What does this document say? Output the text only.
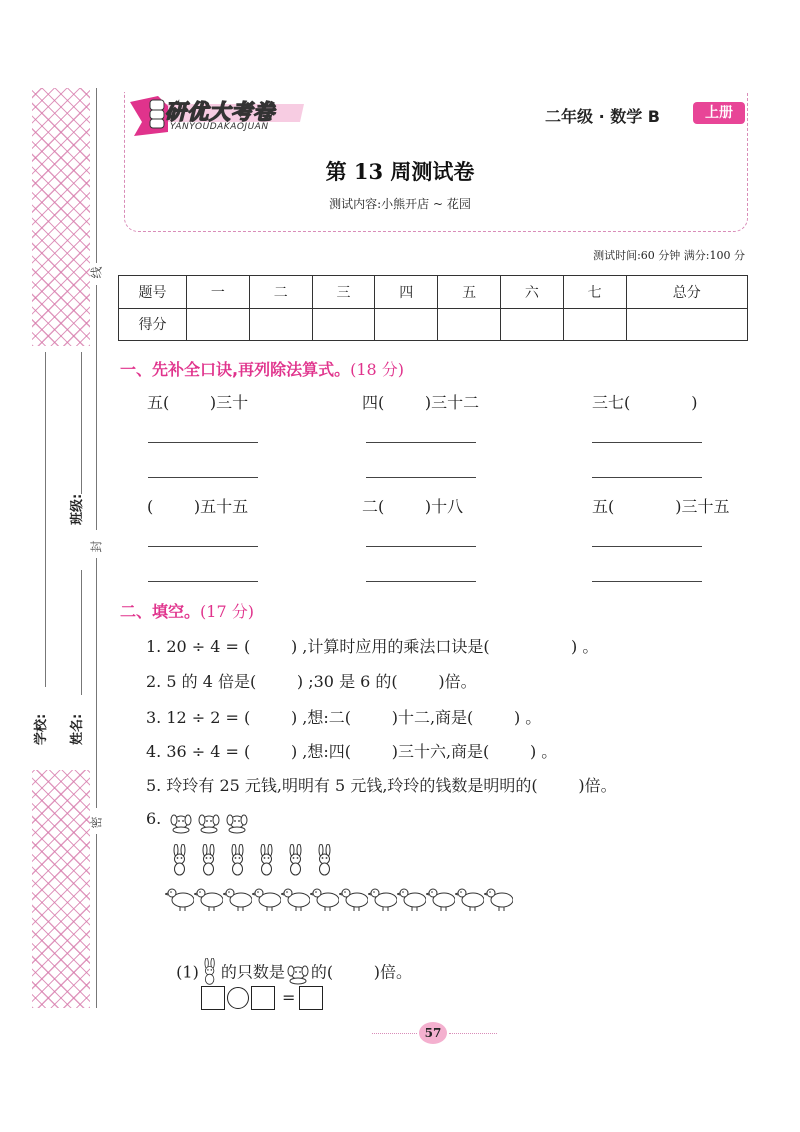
线
封
密
班级:
姓名:
学校:
研优大考卷
YANYOUDAKAOJUAN
二年级 · 数学 B	上册
第 13 周测试卷
测试内容:小熊开店 ~ 花园
测试时间:60 分钟 满分:100 分
题号	一	二	三	四	五	六	七	总分
得分								
一、先补全口诀,再列除法算式。(18 分)
五(        )三十	四(        )三十二	三七(            )
(        )五十五	二(        )十八	五(            )三十五
二、填空。(17 分)
1. 20 ÷ 4 = (        ) ,计算时应用的乘法口诀是(                ) 。
2. 5 的 4 倍是(        ) ;30 是 6 的(        )倍。
3. 12 ÷ 2 = (        ) ,想:二(        )十二,商是(        ) 。
4. 36 ÷ 4 = (        ) ,想:四(        )三十六,商是(        ) 。
5. 玲玲有 25 元钱,明明有 5 元钱,玲玲的钱数是明明的(        )倍。
6.

(1) 的只数是 的(        )倍。

=
57
